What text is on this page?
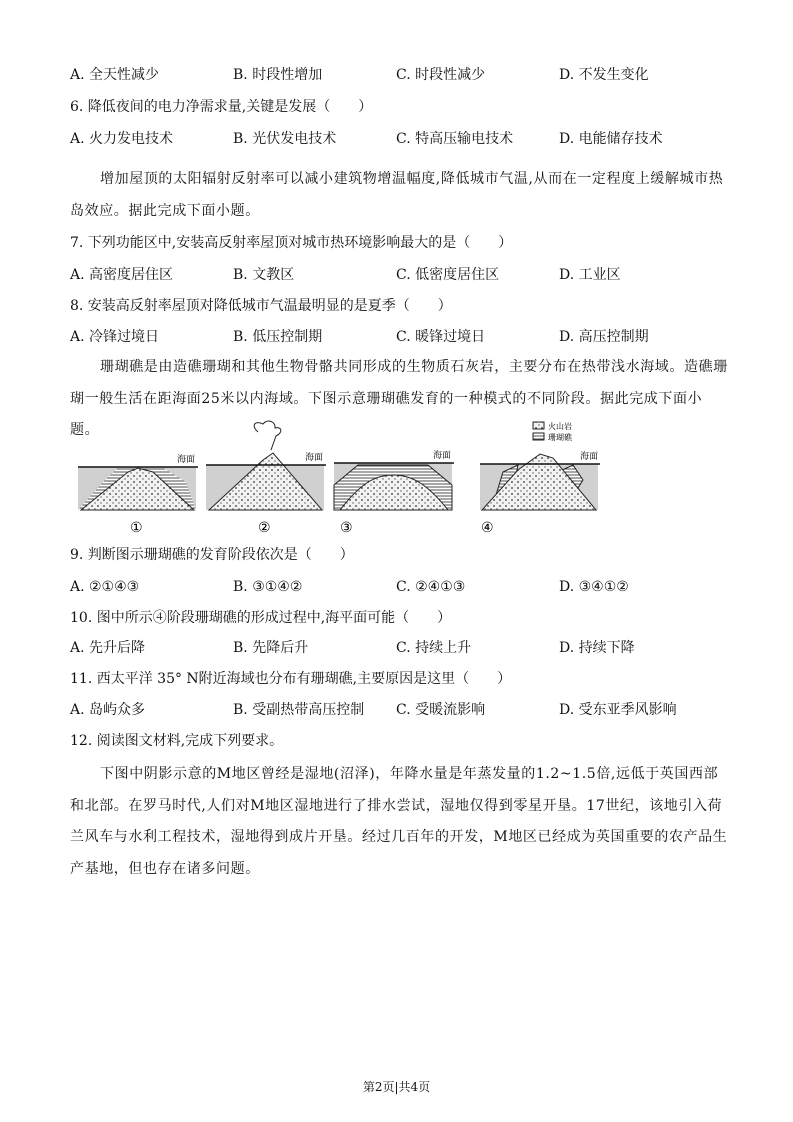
A. 全天性减少	B. 时段性增加	C. 时段性减少	D. 不发生变化
6. 降低夜间的电力净需求量,关键是发展（　　）
A. 火力发电技术	B. 光伏发电技术	C. 特高压输电技术	D. 电能储存技术
增加屋顶的太阳辐射反射率可以减小建筑物增温幅度,降低城市气温,从而在一定程度上缓解城市热岛效应。据此完成下面小题。
7. 下列功能区中,安装高反射率屋顶对城市热环境影响最大的是（　　）
A. 高密度居住区	B. 文教区	C. 低密度居住区	D. 工业区
8. 安装高反射率屋顶对降低城市气温最明显的是夏季（　　）
A. 冷锋过境日	B. 低压控制期	C. 暖锋过境日	D. 高压控制期
珊瑚礁是由造礁珊瑚和其他生物骨骼共同形成的生物质石灰岩，主要分布在热带浅水海域。造礁珊瑚一般生活在距海面25米以内海域。下图示意珊瑚礁发育的一种模式的不同阶段。据此完成下面小题。	火山岩
珊瑚礁
海面
①
海面
②
海面
③
海面
④
9. 判断图示珊瑚礁的发育阶段依次是（　　）
A. ②①④③	B. ③①④②	C. ②④①③	D. ③④①②
10. 图中所示④阶段珊瑚礁的形成过程中,海平面可能（　　）
A. 先升后降	B. 先降后升	C. 持续上升	D. 持续下降
11. 西太平洋 35° N附近海域也分布有珊瑚礁,主要原因是这里（　　）
A. 岛屿众多	B. 受副热带高压控制 C. 受暖流影响	D. 受东亚季风影响
12. 阅读图文材料,完成下列要求。
下图中阴影示意的M地区曾经是湿地(沼泽)，年降水量是年蒸发量的1.2~1.5倍,远低于英国西部和北部。在罗马时代,人们对M地区湿地进行了排水尝试，湿地仅得到零星开垦。17世纪，该地引入荷兰风车与水利工程技术，湿地得到成片开垦。经过几百年的开发，M地区已经成为英国重要的农产品生产基地，但也存在诸多问题。
第2页|共4页
